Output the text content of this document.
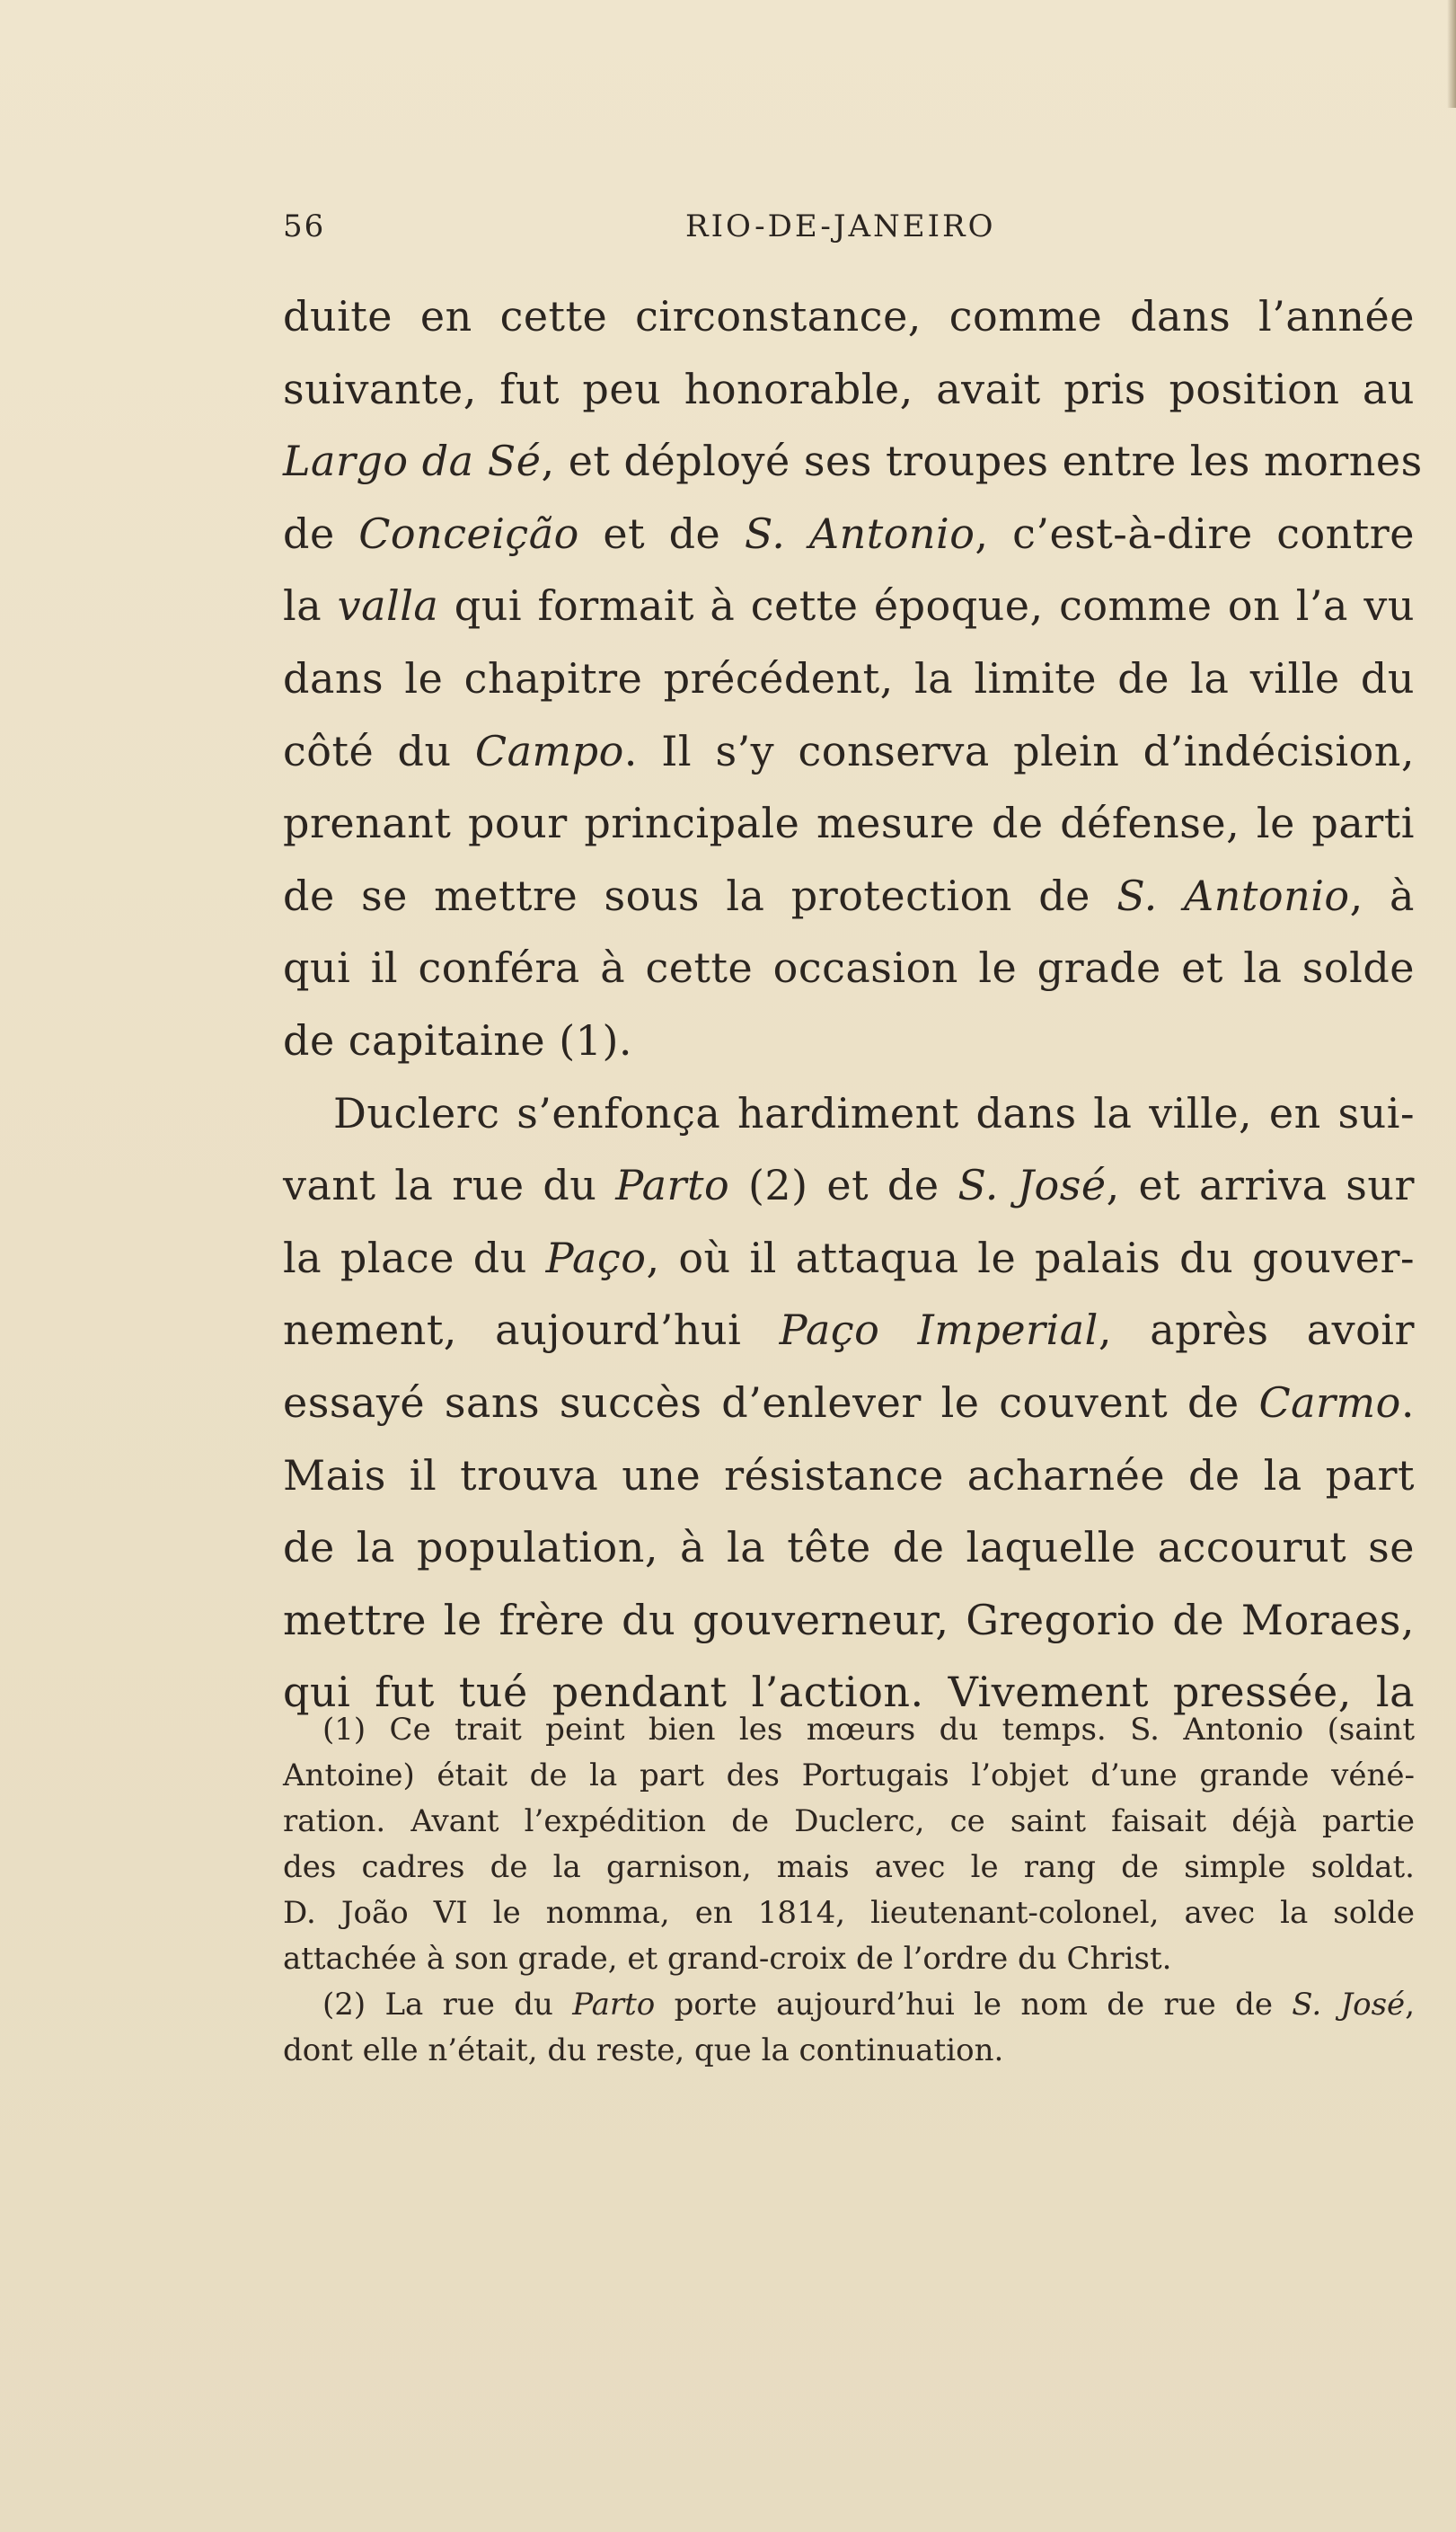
56	RIO-DE-JANEIRO
duite en cette circonstance, comme dans l’année
suivante, fut peu honorable, avait pris position au
Largo da Sé, et déployé ses troupes entre les mornes
de Conceição et de S. Antonio, c’est-à-dire contre
la valla qui formait à cette époque, comme on l’a vu
dans le chapitre précédent, la limite de la ville du
côté du Campo. Il s’y conserva plein d’indécision,
prenant pour principale mesure de défense, le parti
de se mettre sous la protection de S. Antonio, à
qui il conféra à cette occasion le grade et la solde
de capitaine (1).
Duclerc s’enfonça hardiment dans la ville, en sui-
vant la rue du Parto (2) et de S. José, et arriva sur
la place du Paço, où il attaqua le palais du gouver-
nement, aujourd’hui Paço Imperial, après avoir
essayé sans succès d’enlever le couvent de Carmo.
Mais il trouva une résistance acharnée de la part
de la population, à la tête de laquelle accourut se
mettre le frère du gouverneur, Gregorio de Moraes,
qui fut tué pendant l’action. Vivement pressée, la
(1) Ce trait peint bien les mœurs du temps. S. Antonio (saint
Antoine) était de la part des Portugais l’objet d’une grande véné-
ration. Avant l’expédition de Duclerc, ce saint faisait déjà partie
des cadres de la garnison, mais avec le rang de simple soldat.
D. João VI le nomma, en 1814, lieutenant-colonel, avec la solde
attachée à son grade, et grand-croix de l’ordre du Christ.
(2) La rue du Parto porte aujourd’hui le nom de rue de S. José,
dont elle n’était, du reste, que la continuation.
